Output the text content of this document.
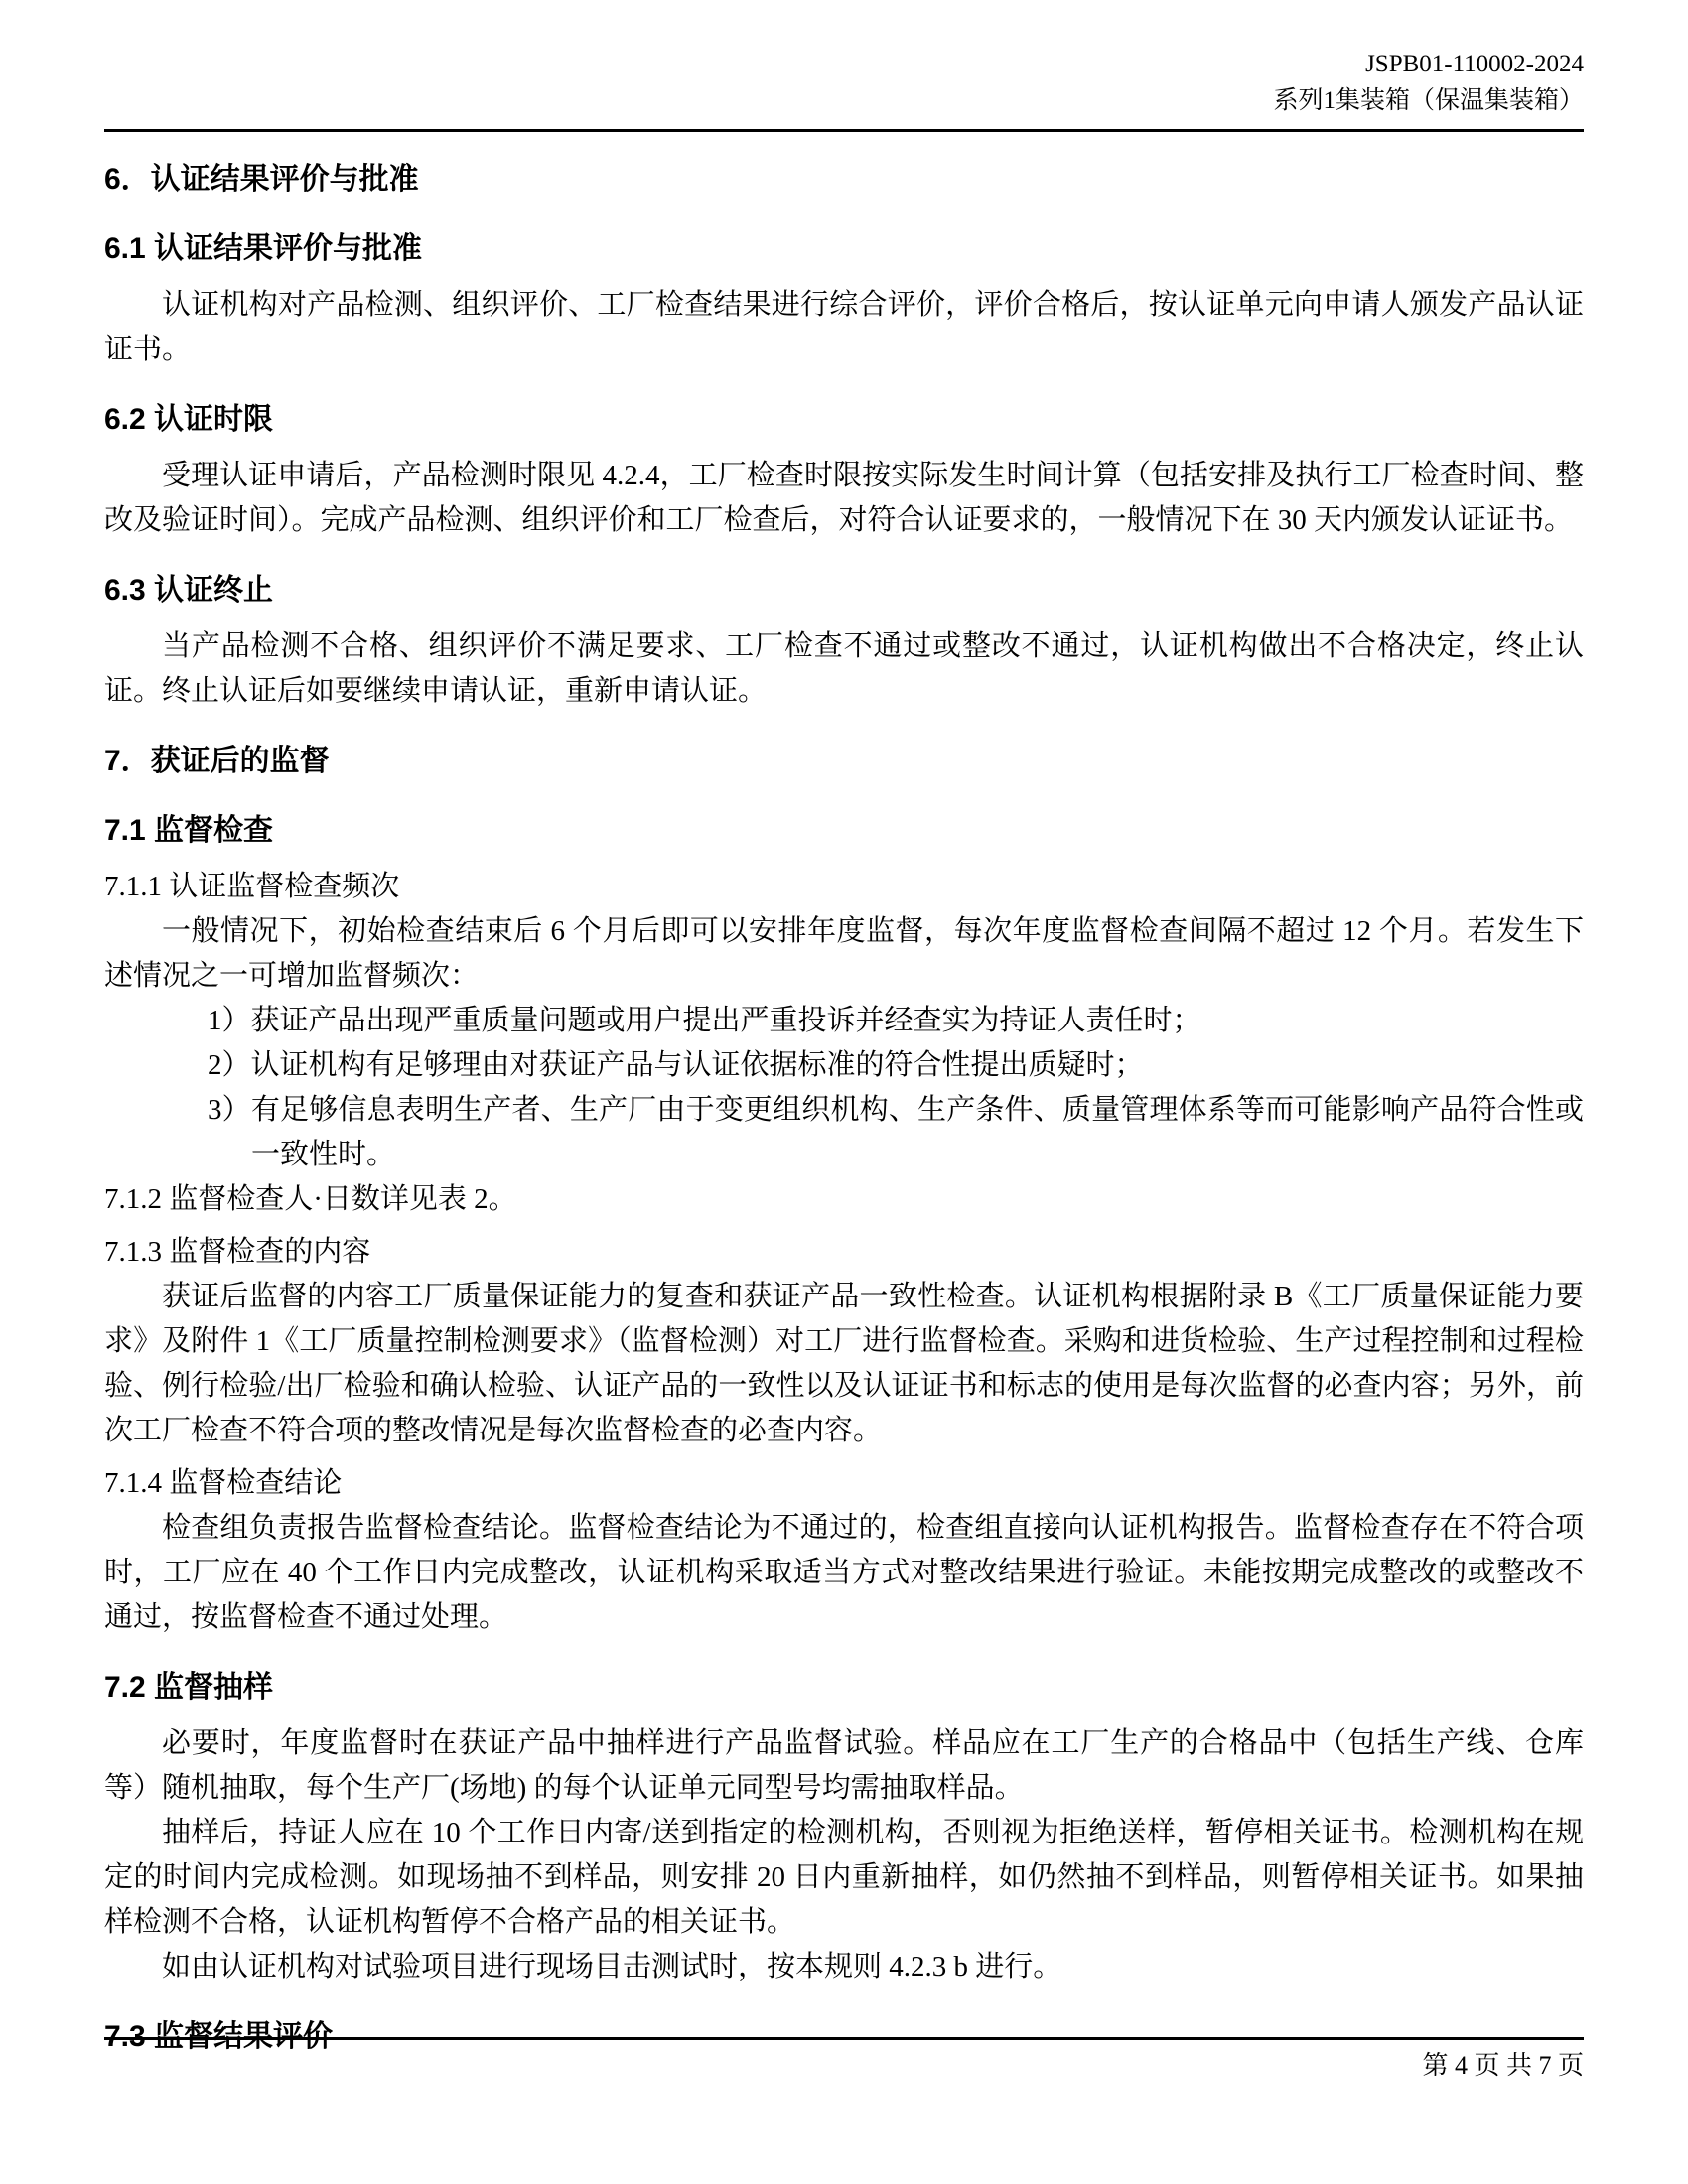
JSPB01-110002-2024
系列1集装箱（保温集装箱）
6．认证结果评价与批准
6.1 认证结果评价与批准

认证机构对产品检测、组织评价、工厂检查结果进行综合评价，评价合格后，按认证单元向申请人颁发产品认证证书。

6.2 认证时限

受理认证申请后，产品检测时限见 4.2.4，工厂检查时限按实际发生时间计算（包括安排及执行工厂检查时间、整改及验证时间）。完成产品检测、组织评价和工厂检查后，对符合认证要求的，一般情况下在 30 天内颁发认证证书。

6.3 认证终止

当产品检测不合格、组织评价不满足要求、工厂检查不通过或整改不通过，认证机构做出不合格决定，终止认证。终止认证后如要继续申请认证，重新申请认证。

7．获证后的监督
7.1 监督检查
7.1.1 认证监督检查频次

一般情况下，初始检查结束后 6 个月后即可以安排年度监督，每次年度监督检查间隔不超过 12 个月。若发生下述情况之一可增加监督频次：

1）获证产品出现严重质量问题或用户提出严重投诉并经查实为持证人责任时；

2）认证机构有足够理由对获证产品与认证依据标准的符合性提出质疑时；

3）有足够信息表明生产者、生产厂由于变更组织机构、生产条件、质量管理体系等而可能影响产品符合性或一致性时。

7.1.2 监督检查人·日数详见表 2。

7.1.3 监督检查的内容

获证后监督的内容工厂质量保证能力的复查和获证产品一致性检查。认证机构根据附录 B《工厂质量保证能力要求》及附件 1《工厂质量控制检测要求》（监督检测）对工厂进行监督检查。采购和进货检验、生产过程控制和过程检验、例行检验/出厂检验和确认检验、认证产品的一致性以及认证证书和标志的使用是每次监督的必查内容；另外，前次工厂检查不符合项的整改情况是每次监督检查的必查内容。

7.1.4 监督检查结论

检查组负责报告监督检查结论。监督检查结论为不通过的，检查组直接向认证机构报告。监督检查存在不符合项时，工厂应在 40 个工作日内完成整改，认证机构采取适当方式对整改结果进行验证。未能按期完成整改的或整改不通过，按监督检查不通过处理。

7.2 监督抽样

必要时，年度监督时在获证产品中抽样进行产品监督试验。样品应在工厂生产的合格品中（包括生产线、仓库等）随机抽取，每个生产厂(场地) 的每个认证单元同型号均需抽取样品。

抽样后，持证人应在 10 个工作日内寄/送到指定的检测机构，否则视为拒绝送样，暂停相关证书。检测机构在规定的时间内完成检测。如现场抽不到样品，则安排 20 日内重新抽样，如仍然抽不到样品，则暂停相关证书。如果抽样检测不合格，认证机构暂停不合格产品的相关证书。

如由认证机构对试验项目进行现场目击测试时，按本规则 4.2.3 b 进行。

7.3 监督结果评价
第 4 页 共 7 页
